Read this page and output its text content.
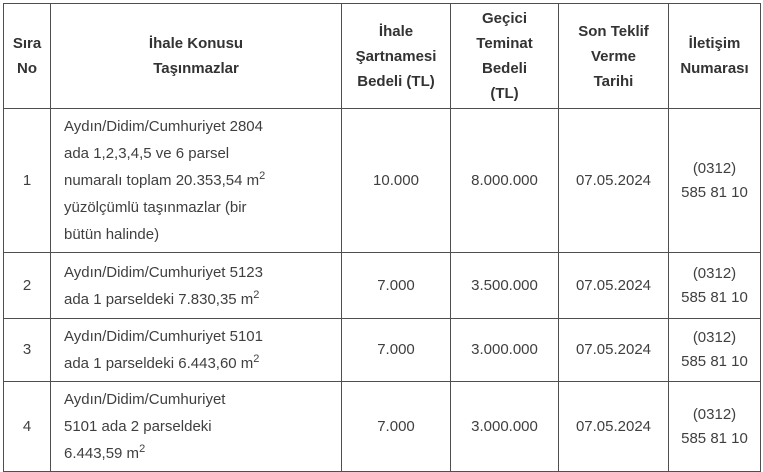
Sıra
No	İhale Konusu
Taşınmazlar	İhale
Şartnamesi
Bedeli (TL)	Geçici
Teminat
Bedeli
(TL)	Son Teklif
Verme
Tarihi	İletişim
Numarası
1	Aydın/Didim/Cumhuriyet 2804
ada 1,2,3,4,5 ve 6 parsel
numaralı toplam 20.353,54 $m^2$
yüzölçümlü taşınmazlar (bir
bütün halinde)	10.000	8.000.000	07.05.2024	(0312)
585 81 10
2	Aydın/Didim/Cumhuriyet 5123
ada 1 parseldeki 7.830,35 $m^2$	7.000	3.500.000	07.05.2024	(0312)
585 81 10
3	Aydın/Didim/Cumhuriyet 5101
ada 1 parseldeki 6.443,60 $m^2$	7.000	3.000.000	07.05.2024	(0312)
585 81 10
4	Aydın/Didim/Cumhuriyet
5101 ada 2 parseldeki
6.443,59 $m^2$	7.000	3.000.000	07.05.2024	(0312)
585 81 10
